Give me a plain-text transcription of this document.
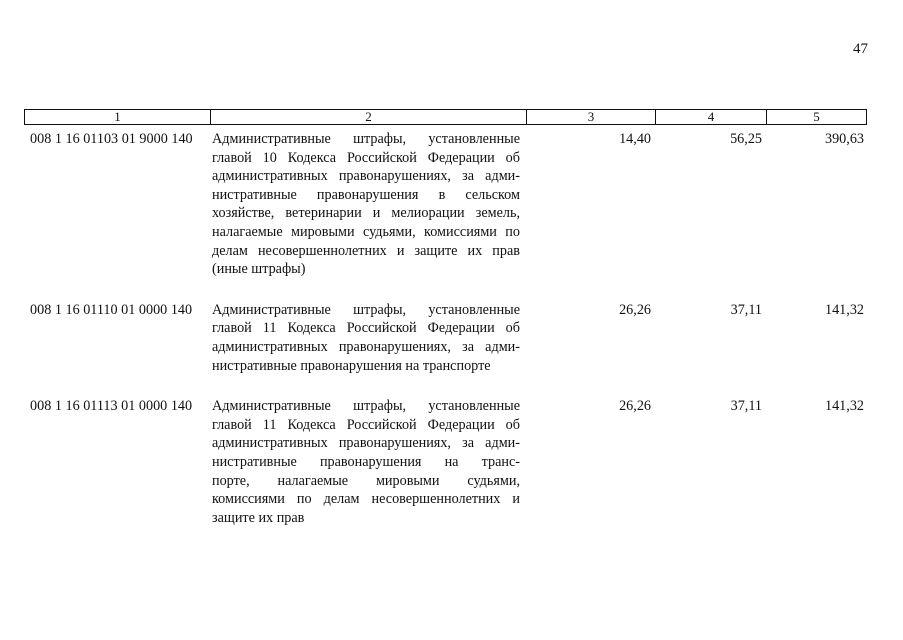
47
1	2	3	4	5
008 1 16 01103 01 9000 140	Административные штрафы, установленные
главой 10 Кодекса Российской Федерации об
административных правонарушениях, за адми-
нистративные правонарушения в сельском
хозяйстве, ветеринарии и мелиорации земель,
налагаемые мировыми судьями, комиссиями по
делам несовершеннолетних и защите их прав
(иные штрафы)
14,40	56,25	390,63
008 1 16 01110 01 0000 140	Административные штрафы, установленные
главой 11 Кодекса Российской Федерации об
административных правонарушениях, за адми-
нистративные правонарушения на транспорте
26,26	37,11	141,32
008 1 16 01113 01 0000 140	Административные штрафы, установленные
главой 11 Кодекса Российской Федерации об
административных правонарушениях, за адми-
нистративные правонарушения на транс-
порте, налагаемые мировыми судьями,
комиссиями по делам несовершеннолетних и
защите их прав
26,26	37,11	141,32
